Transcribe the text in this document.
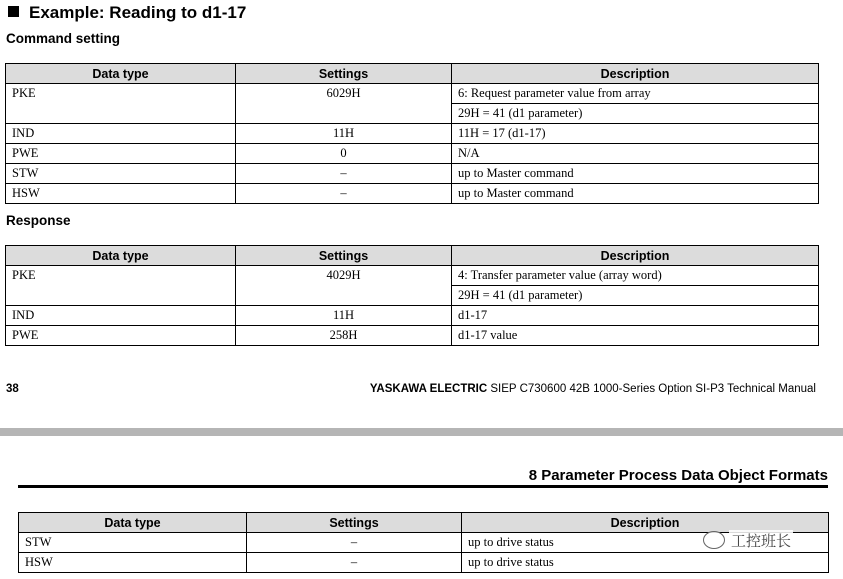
Example: Reading to d1-17
Command setting
Data type	Settings	Description
PKE	6029H	6: Request parameter value from array
		29H = 41 (d1 parameter)
IND	11H	11H = 17 (d1-17)
PWE	0	N/A
STW	–	up to Master command
HSW	–	up to Master command
Response
Data type	Settings	Description
PKE	4029H	4: Transfer parameter value (array word)
		29H = 41 (d1 parameter)
IND	11H	d1-17
PWE	258H	d1-17 value
38	YASKAWA ELECTRIC SIEP C730600 42B 1000-Series Option SI-P3 Technical Manual
8 Parameter Process Data Object Formats
Data type	Settings	Description
STW	–	up to drive status
HSW	–	up to drive status
工控班长
